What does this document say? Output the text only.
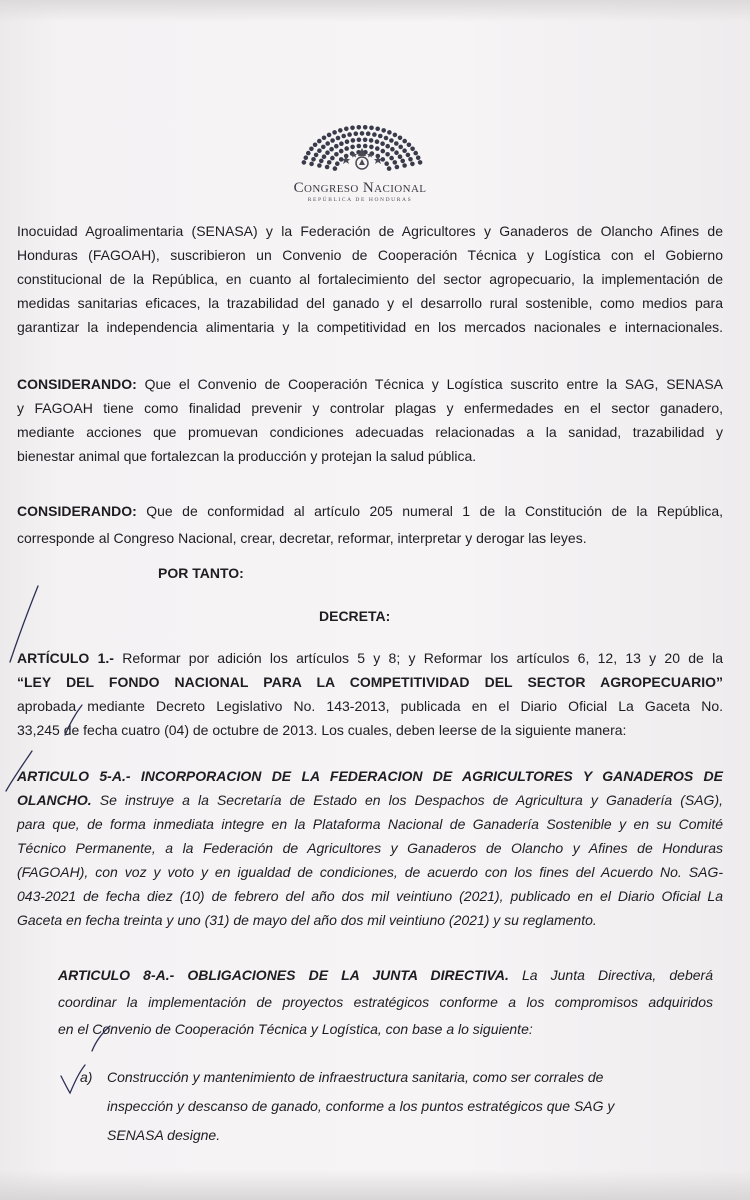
Congreso Nacional
REPÚBLICA DE HONDURAS
Inocuidad Agroalimentaria (SENASA) y la Federación de Agricultores y Ganaderos de Olancho Afines de
Honduras (FAGOAH), suscribieron un Convenio de Cooperación Técnica y Logística con el Gobierno
constitucional de la República, en cuanto al fortalecimiento del sector agropecuario, la implementación de
medidas sanitarias eficaces, la trazabilidad del ganado y el desarrollo rural sostenible, como medios para
garantizar la independencia alimentaria y la competitividad en los mercados nacionales e internacionales.
CONSIDERANDO: Que el Convenio de Cooperación Técnica y Logística suscrito entre la SAG, SENASA
y FAGOAH tiene como finalidad prevenir y controlar plagas y enfermedades en el sector ganadero,
mediante acciones que promuevan condiciones adecuadas relacionadas a la sanidad, trazabilidad y
bienestar animal que fortalezcan la producción y protejan la salud pública.
CONSIDERANDO: Que de conformidad al artículo 205 numeral 1 de la Constitución de la República,
corresponde al Congreso Nacional, crear, decretar, reformar, interpretar y derogar las leyes.
POR TANTO:
DECRETA:
ARTÍCULO 1.- Reformar por adición los artículos 5 y 8; y Reformar los artículos 6, 12, 13 y 20 de la
“LEY DEL FONDO NACIONAL PARA LA COMPETITIVIDAD DEL SECTOR AGROPECUARIO”
aprobada mediante Decreto Legislativo No. 143-2013, publicada en el Diario Oficial La Gaceta No.
33,245 de fecha cuatro (04) de octubre de 2013. Los cuales, deben leerse de la siguiente manera:
ARTICULO 5-A.- INCORPORACION DE LA FEDERACION DE AGRICULTORES Y GANADEROS DE
OLANCHO. Se instruye a la Secretaría de Estado en los Despachos de Agricultura y Ganadería (SAG),
para que, de forma inmediata integre en la Plataforma Nacional de Ganadería Sostenible y en su Comité
Técnico Permanente, a la Federación de Agricultores y Ganaderos de Olancho y Afines de Honduras
(FAGOAH), con voz y voto y en igualdad de condiciones, de acuerdo con los fines del Acuerdo No. SAG-
043-2021 de fecha diez (10) de febrero del año dos mil veintiuno (2021), publicado en el Diario Oficial La
Gaceta en fecha treinta y uno (31) de mayo del año dos mil veintiuno (2021) y su reglamento.
ARTICULO 8-A.- OBLIGACIONES DE LA JUNTA DIRECTIVA. La Junta Directiva, deberá
coordinar la implementación de proyectos estratégicos conforme a los compromisos adquiridos
en el Convenio de Cooperación Técnica y Logística, con base a lo siguiente:
a) Construcción y mantenimiento de infraestructura sanitaria, como ser corrales de
inspección y descanso de ganado, conforme a los puntos estratégicos que SAG y
SENASA designe.
